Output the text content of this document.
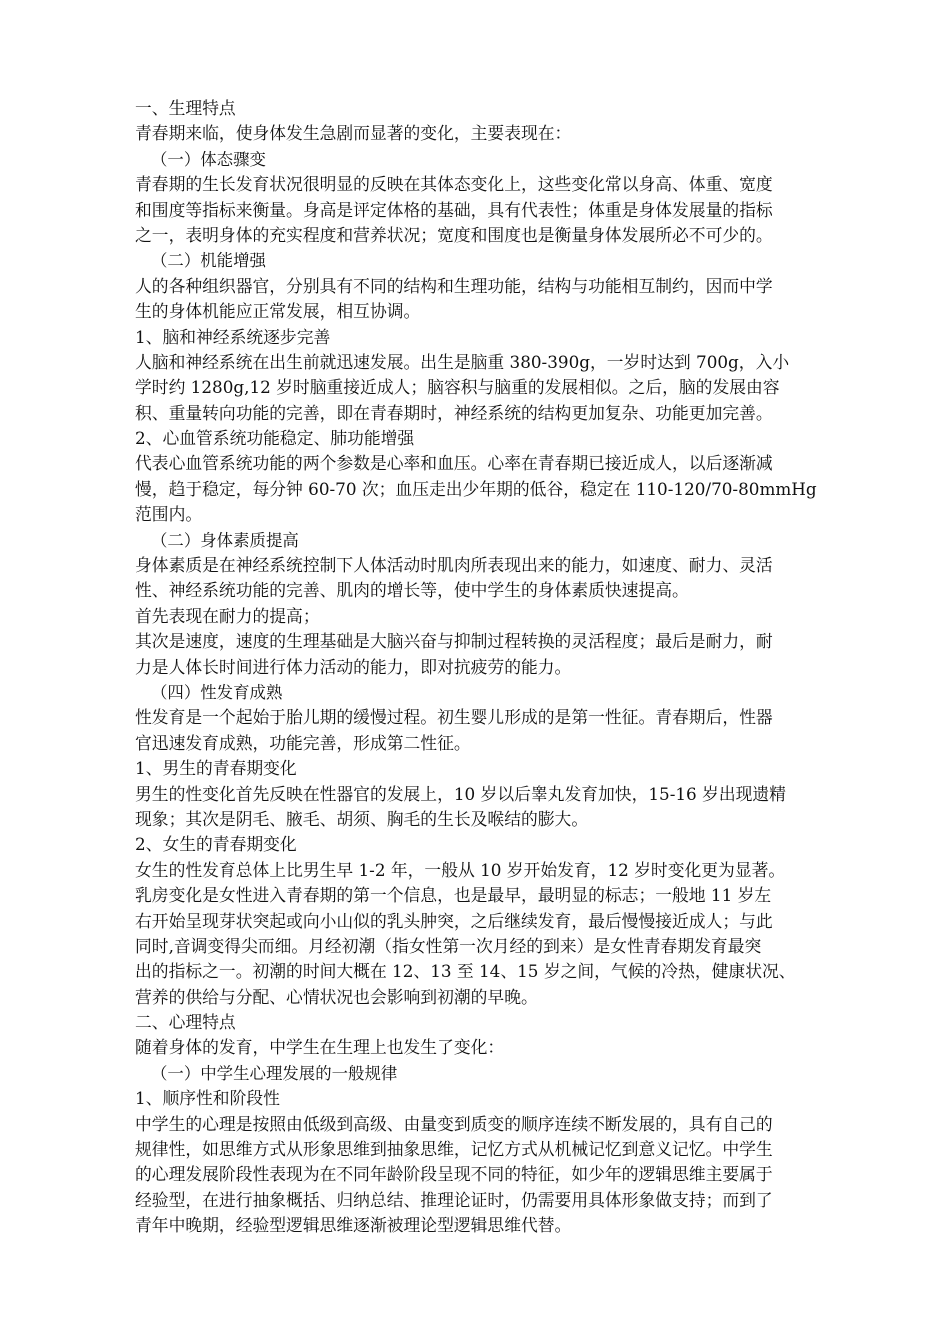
一、生理特点
青春期来临，使身体发生急剧而显著的变化，主要表现在：
（一）体态骤变
青春期的生长发育状况很明显的反映在其体态变化上，这些变化常以身高、体重、宽度
和围度等指标来衡量。身高是评定体格的基础，具有代表性；体重是身体发展量的指标
之一，表明身体的充实程度和营养状况；宽度和围度也是衡量身体发展所必不可少的。
（二）机能增强
人的各种组织器官，分别具有不同的结构和生理功能，结构与功能相互制约，因而中学
生的身体机能应正常发展，相互协调。
1、脑和神经系统逐步完善
人脑和神经系统在出生前就迅速发展。出生是脑重 380-390g，一岁时达到 700g，入小
学时约 1280g,12 岁时脑重接近成人；脑容积与脑重的发展相似。之后，脑的发展由容
积、重量转向功能的完善，即在青春期时，神经系统的结构更加复杂、功能更加完善。
2、心血管系统功能稳定、肺功能增强
代表心血管系统功能的两个参数是心率和血压。心率在青春期已接近成人，以后逐渐减
慢，趋于稳定，每分钟 60-70 次；血压走出少年期的低谷，稳定在 110-120/70-80mmHg
范围内。
（二）身体素质提高
身体素质是在神经系统控制下人体活动时肌肉所表现出来的能力，如速度、耐力、灵活
性、神经系统功能的完善、肌肉的增长等，使中学生的身体素质快速提高。
首先表现在耐力的提高；
其次是速度，速度的生理基础是大脑兴奋与抑制过程转换的灵活程度；最后是耐力，耐
力是人体长时间进行体力活动的能力，即对抗疲劳的能力。
（四）性发育成熟
性发育是一个起始于胎儿期的缓慢过程。初生婴儿形成的是第一性征。青春期后，性器
官迅速发育成熟，功能完善，形成第二性征。
1、男生的青春期变化
男生的性变化首先反映在性器官的发展上，10 岁以后睾丸发育加快，15-16 岁出现遗精
现象；其次是阴毛、腋毛、胡须、胸毛的生长及喉结的膨大。
2、女生的青春期变化
女生的性发育总体上比男生早 1-2 年，一般从 10 岁开始发育，12 岁时变化更为显著。
乳房变化是女性进入青春期的第一个信息，也是最早，最明显的标志；一般地 11 岁左
右开始呈现芽状突起或向小山似的乳头肿突，之后继续发育，最后慢慢接近成人；与此
同时,音调变得尖而细。月经初潮（指女性第一次月经的到来）是女性青春期发育最突
出的指标之一。初潮的时间大概在 12、13 至 14、15 岁之间，气候的冷热，健康状况、
营养的供给与分配、心情状况也会影响到初潮的早晚。
二、心理特点
随着身体的发育，中学生在生理上也发生了变化：
（一）中学生心理发展的一般规律
1、顺序性和阶段性
中学生的心理是按照由低级到高级、由量变到质变的顺序连续不断发展的，具有自己的
规律性，如思维方式从形象思维到抽象思维，记忆方式从机械记忆到意义记忆。中学生
的心理发展阶段性表现为在不同年龄阶段呈现不同的特征，如少年的逻辑思维主要属于
经验型，在进行抽象概括、归纳总结、推理论证时，仍需要用具体形象做支持；而到了
青年中晚期，经验型逻辑思维逐渐被理论型逻辑思维代替。
